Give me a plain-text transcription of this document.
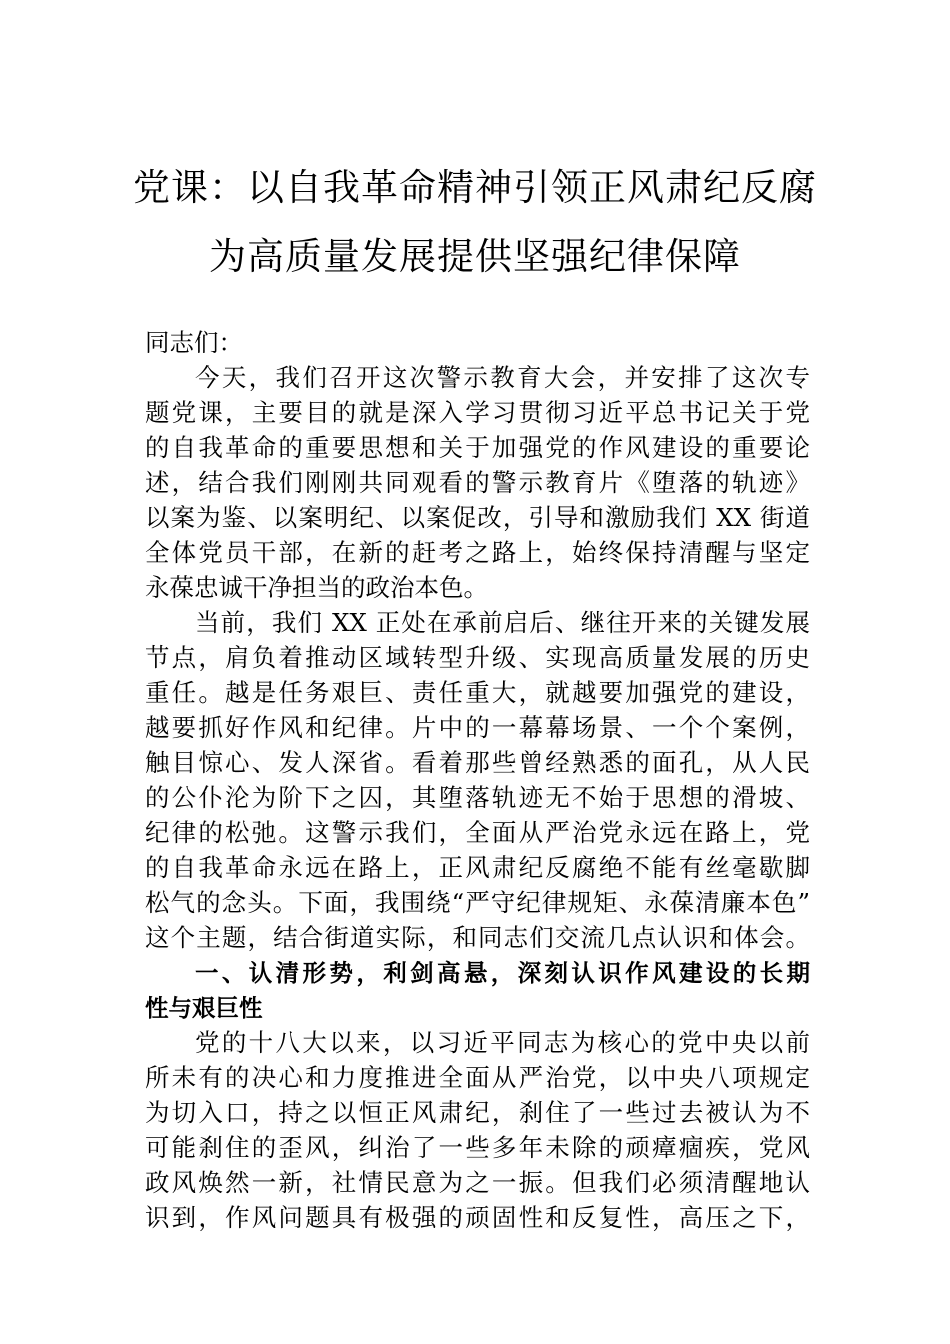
党课：以自我革命精神引领正风肃纪反腐
为高质量发展提供坚强纪律保障
同志们：
今天，我们召开这次警示教育大会，并安排了这次专
题党课，主要目的就是深入学习贯彻习近平总书记关于党
的自我革命的重要思想和关于加强党的作风建设的重要论
述，结合我们刚刚共同观看的警示教育片《堕落的轨迹》
以案为鉴、以案明纪、以案促改，引导和激励我们 XX 街道
全体党员干部，在新的赶考之路上，始终保持清醒与坚定
永葆忠诚干净担当的政治本色。
当前，我们 XX 正处在承前启后、继往开来的关键发展
节点，肩负着推动区域转型升级、实现高质量发展的历史
重任。越是任务艰巨、责任重大，就越要加强党的建设，
越要抓好作风和纪律。片中的一幕幕场景、一个个案例，
触目惊心、发人深省。看着那些曾经熟悉的面孔，从人民
的公仆沦为阶下之囚，其堕落轨迹无不始于思想的滑坡、
纪律的松弛。这警示我们，全面从严治党永远在路上，党
的自我革命永远在路上，正风肃纪反腐绝不能有丝毫歇脚
松气的念头。下面，我围绕“严守纪律规矩、永葆清廉本色”
这个主题，结合街道实际，和同志们交流几点认识和体会。
一、认清形势，利剑高悬，深刻认识作风建设的长期
性与艰巨性
党的十八大以来，以习近平同志为核心的党中央以前
所未有的决心和力度推进全面从严治党，以中央八项规定
为切入口，持之以恒正风肃纪，刹住了一些过去被认为不
可能刹住的歪风，纠治了一些多年未除的顽瘴痼疾，党风
政风焕然一新，社情民意为之一振。但我们必须清醒地认
识到，作风问题具有极强的顽固性和反复性，高压之下，
